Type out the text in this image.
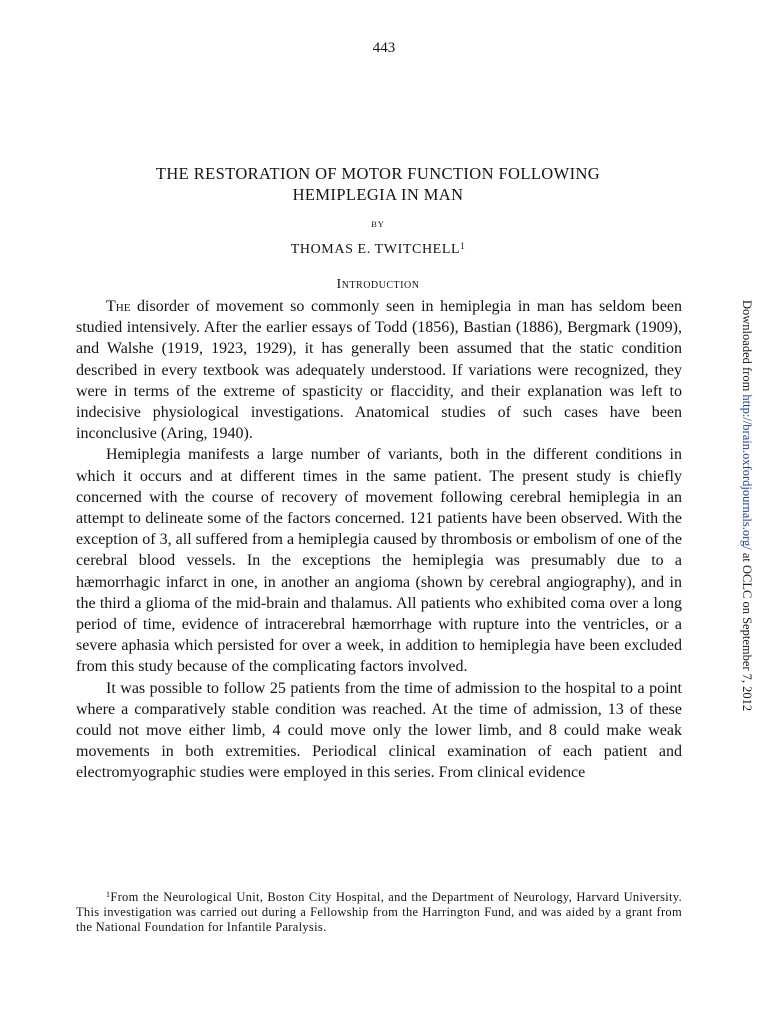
443
THE RESTORATION OF MOTOR FUNCTION FOLLOWING
HEMIPLEGIA IN MAN
BY
THOMAS E. TWITCHELL$^1$
Introduction

The disorder of movement so commonly seen in hemiplegia in man has seldom been studied intensively. After the earlier essays of Todd (1856), Bastian (1886), Bergmark (1909), and Walshe (1919, 1923, 1929), it has generally been assumed that the static condition described in every textbook was adequately understood. If variations were recognized, they were in terms of the extreme of spasticity or flaccidity, and their explanation was left to indecisive physiological investigations. Anatomical studies of such cases have been inconclusive (Aring, 1940).

Hemiplegia manifests a large number of variants, both in the different conditions in which it occurs and at different times in the same patient. The present study is chiefly concerned with the course of recovery of movement following cerebral hemiplegia in an attempt to delineate some of the factors concerned. 121 patients have been observed. With the exception of 3, all suffered from a hemiplegia caused by thrombosis or embolism of one of the cerebral blood vessels. In the exceptions the hemiplegia was presumably due to a hæmorrhagic infarct in one, in another an angioma (shown by cerebral angiography), and in the third a glioma of the mid-brain and thalamus. All patients who exhibited coma over a long period of time, evidence of intracerebral hæmorrhage with rupture into the ventricles, or a severe aphasia which persisted for over a week, in addition to hemiplegia have been excluded from this study because of the complicating factors involved.

It was possible to follow 25 patients from the time of admission to the hospital to a point where a comparatively stable condition was reached. At the time of admission, 13 of these could not move either limb, 4 could move only the lower limb, and 8 could make weak movements in both extremities. Periodical clinical examination of each patient and electromyographic studies were employed in this series. From clinical evidence

$^1$From the Neurological Unit, Boston City Hospital, and the Department of Neurology, Harvard University. This investigation was carried out during a Fellowship from the Harrington Fund, and was aided by a grant from the National Foundation for Infantile Paralysis.

Downloaded from http://brain.oxfordjournals.org/ at OCLC on September 7, 2012
